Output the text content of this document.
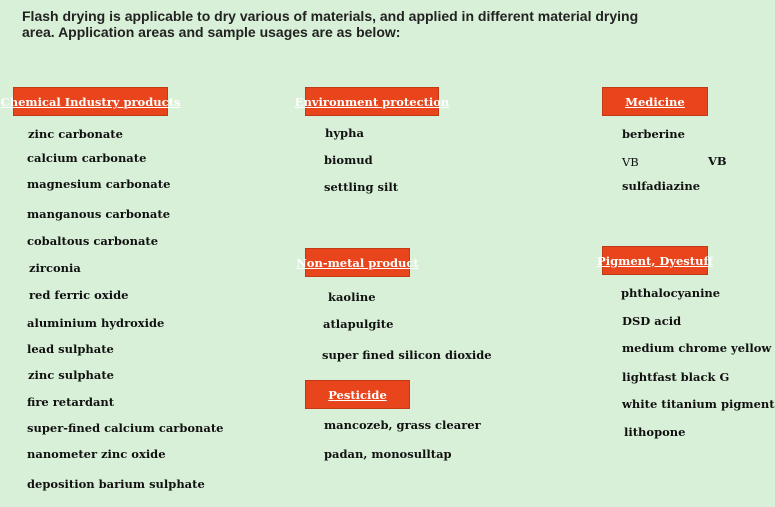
Flash drying is applicable to dry various of materials, and applied in different material drying
area. Application areas and sample usages are as below:
Chemical Industry products
zinc carbonate
calcium carbonate
magnesium carbonate
manganous carbonate
cobaltous carbonate
zirconia
red ferric oxide
aluminium hydroxide
lead sulphate
zinc sulphate
fire retardant
super-fined calcium carbonate
nanometer zinc oxide
deposition barium sulphate
Environment protection
hypha
biomud
settling silt
Non-metal product
kaoline
atlapulgite
super fined silicon dioxide
Pesticide
mancozeb, grass clearer
padan, monosulltap
Medicine
berberine
VB	VB
sulfadiazine
Pigment, Dyestuff
phthalocyanine
DSD acid
medium chrome yellow
lightfast black G
white titanium pigment
lithopone
